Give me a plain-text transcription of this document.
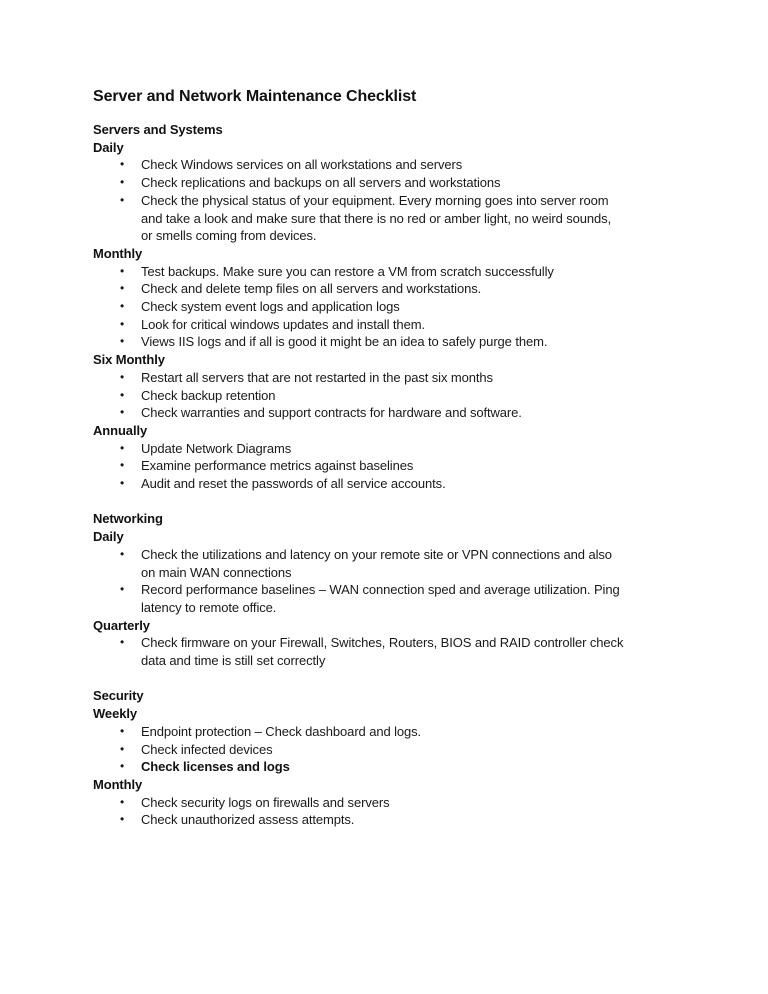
Server and Network Maintenance Checklist
Servers and Systems
Daily
•	Check Windows services on all workstations and servers
•	Check replications and backups on all servers and workstations
•	Check the physical status of your equipment. Every morning goes into server room
and take a look and make sure that there is no red or amber light, no weird sounds,
or smells coming from devices.
Monthly
•	Test backups. Make sure you can restore a VM from scratch successfully
•	Check and delete temp files on all servers and workstations.
•	Check system event logs and application logs
•	Look for critical windows updates and install them.
•	Views IIS logs and if all is good it might be an idea to safely purge them.
Six Monthly
•	Restart all servers that are not restarted in the past six months
•	Check backup retention
•	Check warranties and support contracts for hardware and software.
Annually
•	Update Network Diagrams
•	Examine performance metrics against baselines
•	Audit and reset the passwords of all service accounts.
Networking
Daily
•	Check the utilizations and latency on your remote site or VPN connections and also
on main WAN connections
•	Record performance baselines – WAN connection sped and average utilization. Ping
latency to remote office.
Quarterly
•	Check firmware on your Firewall, Switches, Routers, BIOS and RAID controller check
data and time is still set correctly
Security
Weekly
•	Endpoint protection – Check dashboard and logs.
•	Check infected devices
•	Check licenses and logs
Monthly
•	Check security logs on firewalls and servers
•	Check unauthorized assess attempts.
